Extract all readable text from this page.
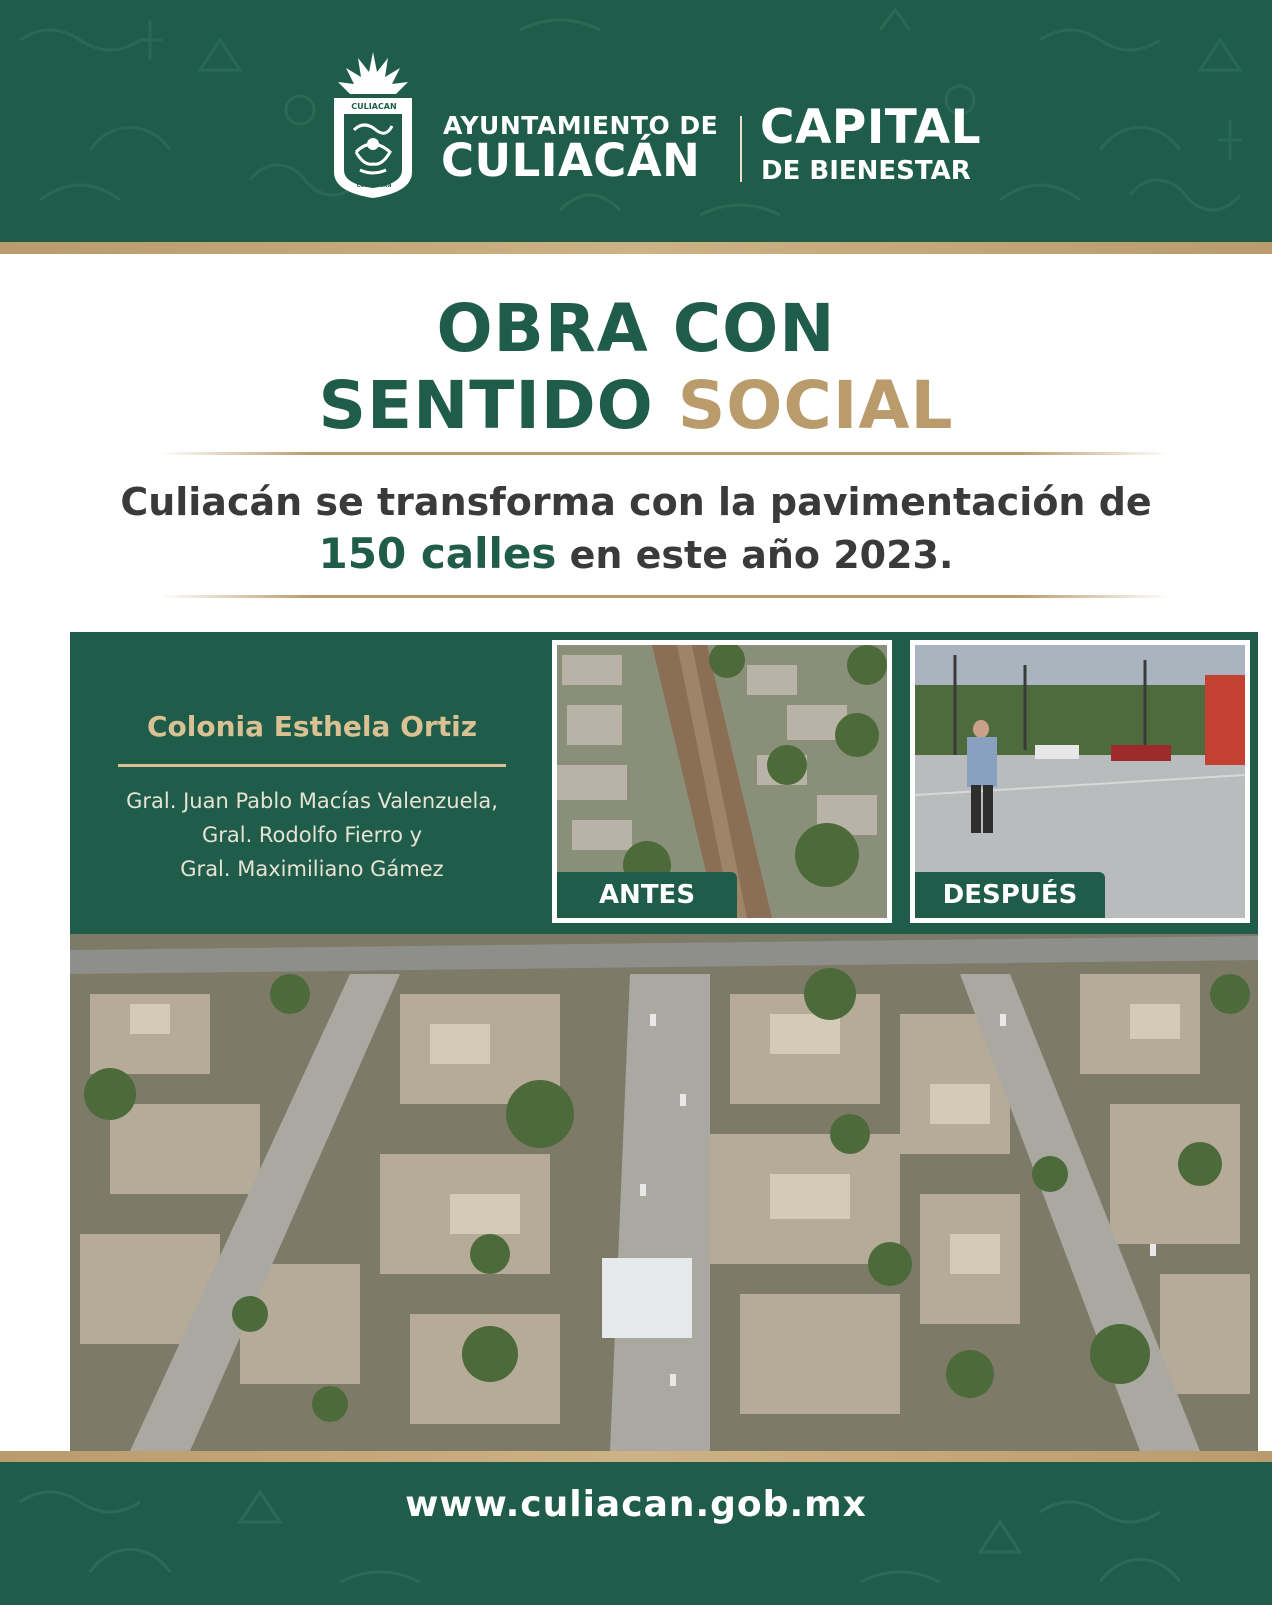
CULIACAN
COLHUACAN
AYUNTAMIENTO DE
CULIACÁN
CAPITAL
DE BIENESTAR
OBRA CON
SENTIDO SOCIAL
Culiacán se transforma con la pavimentación de
150 calles en este año 2023.
Colonia Esthela Ortiz
Gral. Juan Pablo Macías Valenzuela,
Gral. Rodolfo Fierro y
Gral. Maximiliano Gámez
ANTES	DESPUÉS
www.culiacan.gob.mx
